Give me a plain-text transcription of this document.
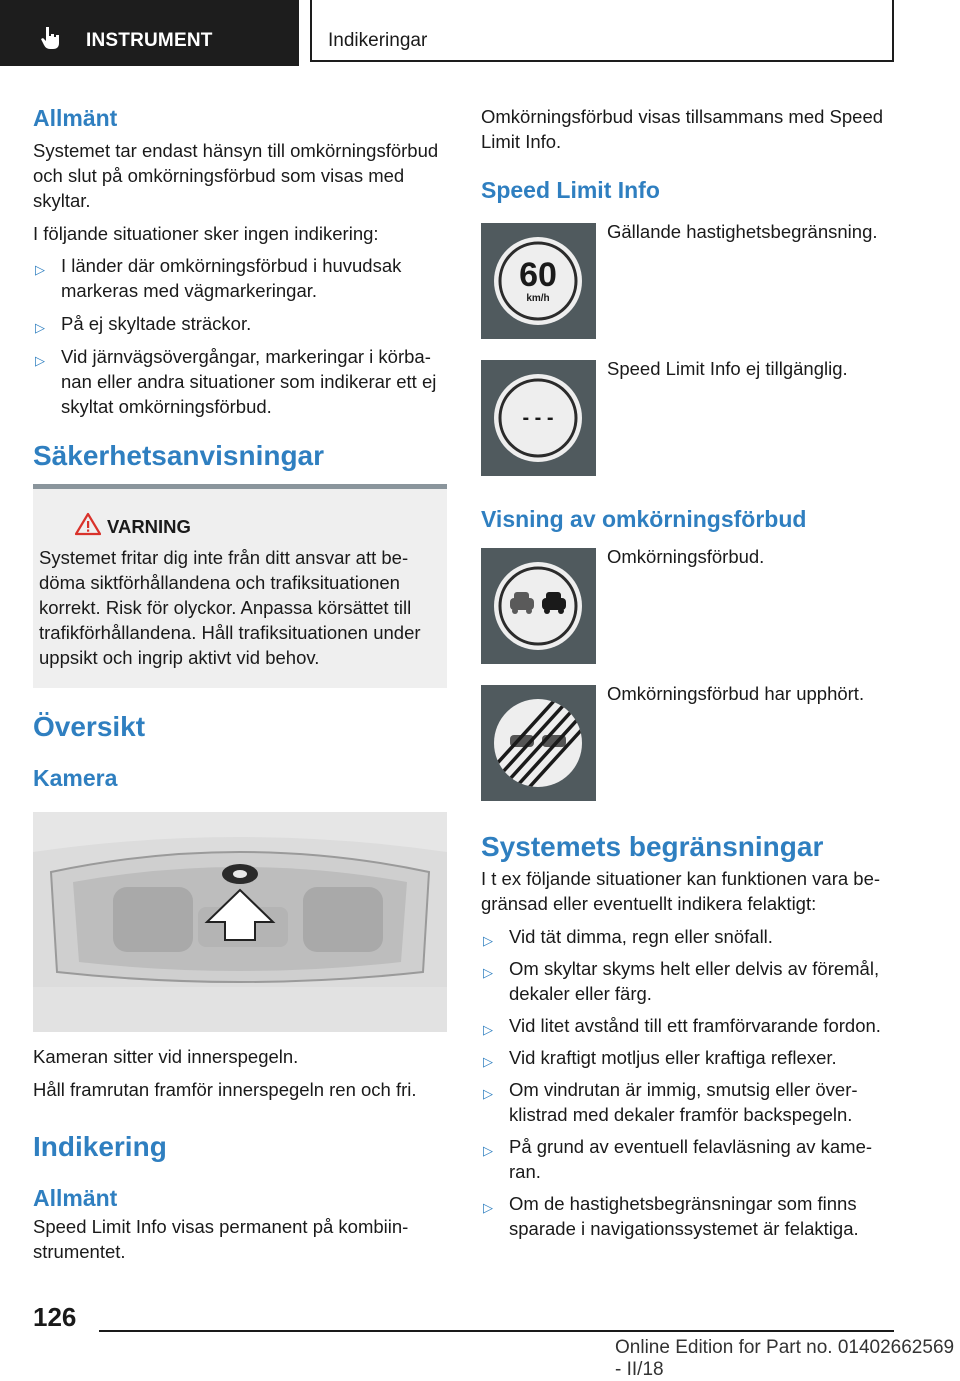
INSTRUMENT	Indikeringar
Allmänt

Systemet tar endast hänsyn till omkörningsförbud och slut på omkörningsförbud som visas med skyltar.

I följande situationer sker ingen indikering:

▷ I länder där omkörningsförbud i huvudsak markeras med vägmarkeringar.
▷ På ej skyltade sträckor.
▷ Vid järnvägsövergångar, markeringar i körbanan eller andra situationer som indikerar ett ej skyltat omkörningsförbud.
Säkerhetsanvisningar
VARNING
Systemet fritar dig inte från ditt ansvar att bedöma siktförhållandena och trafiksituationen korrekt. Risk för olyckor. Anpassa körsättet till trafikförhållandena. Håll trafiksituationen under uppsikt och ingrip aktivt vid behov.
Översikt
Kamera

Kameran sitter vid innerspegeln.

Håll framrutan framför innerspegeln ren och fri.

Indikering
Allmänt

Speed Limit Info visas permanent på kombiinstrumentet.

Omkörningsförbud visas tillsammans med Speed Limit Info.

Speed Limit Info
60
km/h
Gällande hastighetsbegränsning.
- - -
Speed Limit Info ej tillgänglig.
Visning av omkörningsförbud
Omkörningsförbud.
Omkörningsförbud har upphört.
Systemets begränsningar

I t ex följande situationer kan funktionen vara begränsad eller eventuellt indikera felaktigt:

▷ Vid tät dimma, regn eller snöfall.
▷ Om skyltar skyms helt eller delvis av föremål, dekaler eller färg.
▷ Vid litet avstånd till ett framförvarande fordon.
▷ Vid kraftigt motljus eller kraftiga reflexer.
▷ Om vindrutan är immig, smutsig eller överklistrad med dekaler framför backspegeln.
▷ På grund av eventuell felavläsning av kameran.
▷ Om de hastighetsbegränsningar som finns sparade i navigationssystemet är felaktiga.
126
Online Edition for Part no. 01402662569 - II/18
